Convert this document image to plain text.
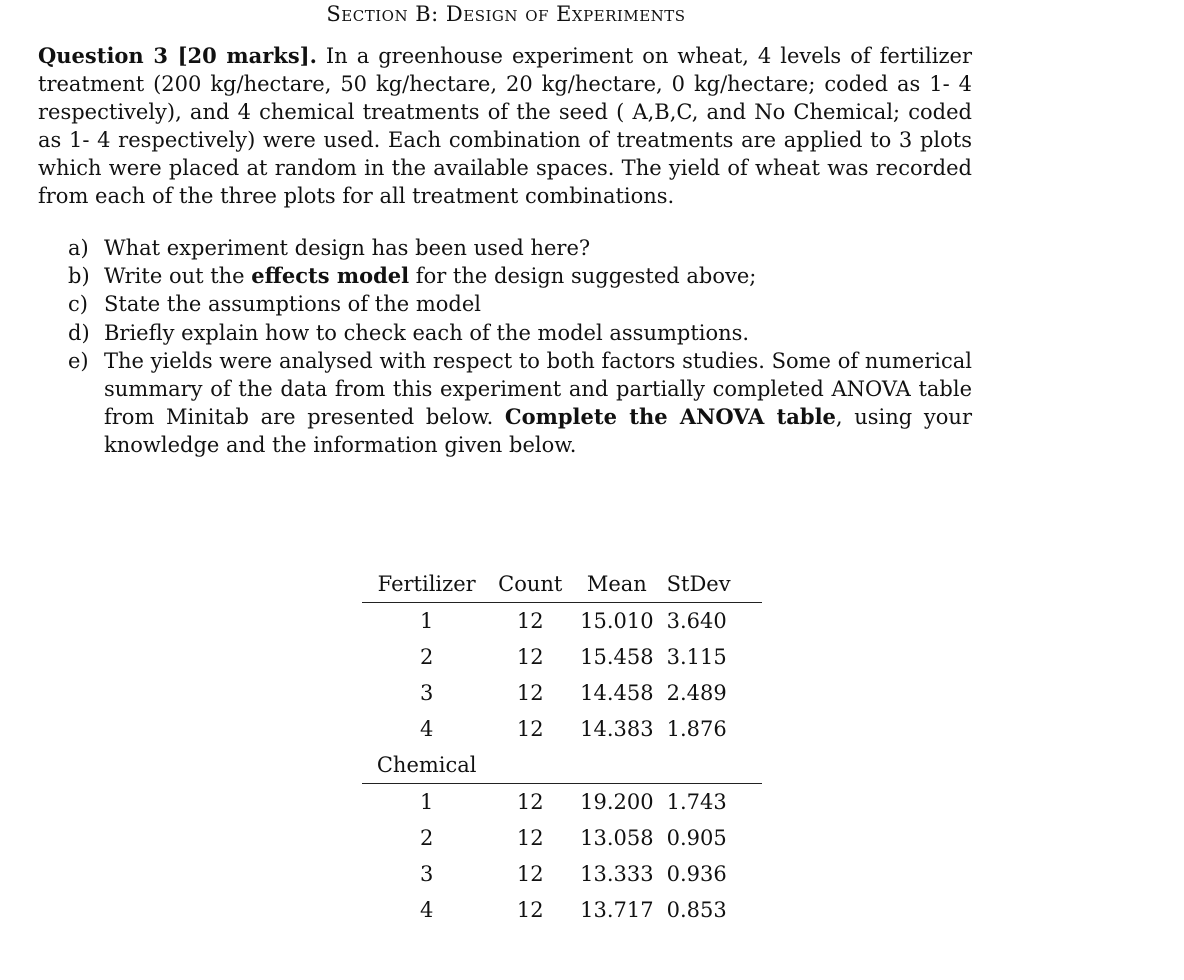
Section B: Design of Experiments
Question 3 [20 marks]. In a greenhouse experiment on wheat, 4 levels of fertilizer treatment (200 kg/hectare, 50 kg/hectare, 20 kg/hectare, 0 kg/hectare; coded as 1- 4 respectively), and 4 chemical treatments of the seed ( A,B,C, and No Chemical; coded as 1- 4 respectively) were used. Each combination of treatments are applied to 3 plots which were placed at random in the available spaces. The yield of wheat was recorded from each of the three plots for all treatment combinations.
a) What experiment design has been used here?
b) Write out the effects model for the design suggested above;
c) State the assumptions of the model
d) Briefly explain how to check each of the model assumptions.
e) The yields were analysed with respect to both factors studies. Some of numerical summary of the data from this experiment and partially completed ANOVA table from Minitab are presented below. Complete the ANOVA table, using your knowledge and the information given below.
Fertilizer	Count	Mean	StDev
1	12	15.010	3.640
2	12	15.458	3.115
3	12	14.458	2.489
4	12	14.383	1.876
Chemical			
1	12	19.200	1.743
2	12	13.058	0.905
3	12	13.333	0.936
4	12	13.717	0.853
